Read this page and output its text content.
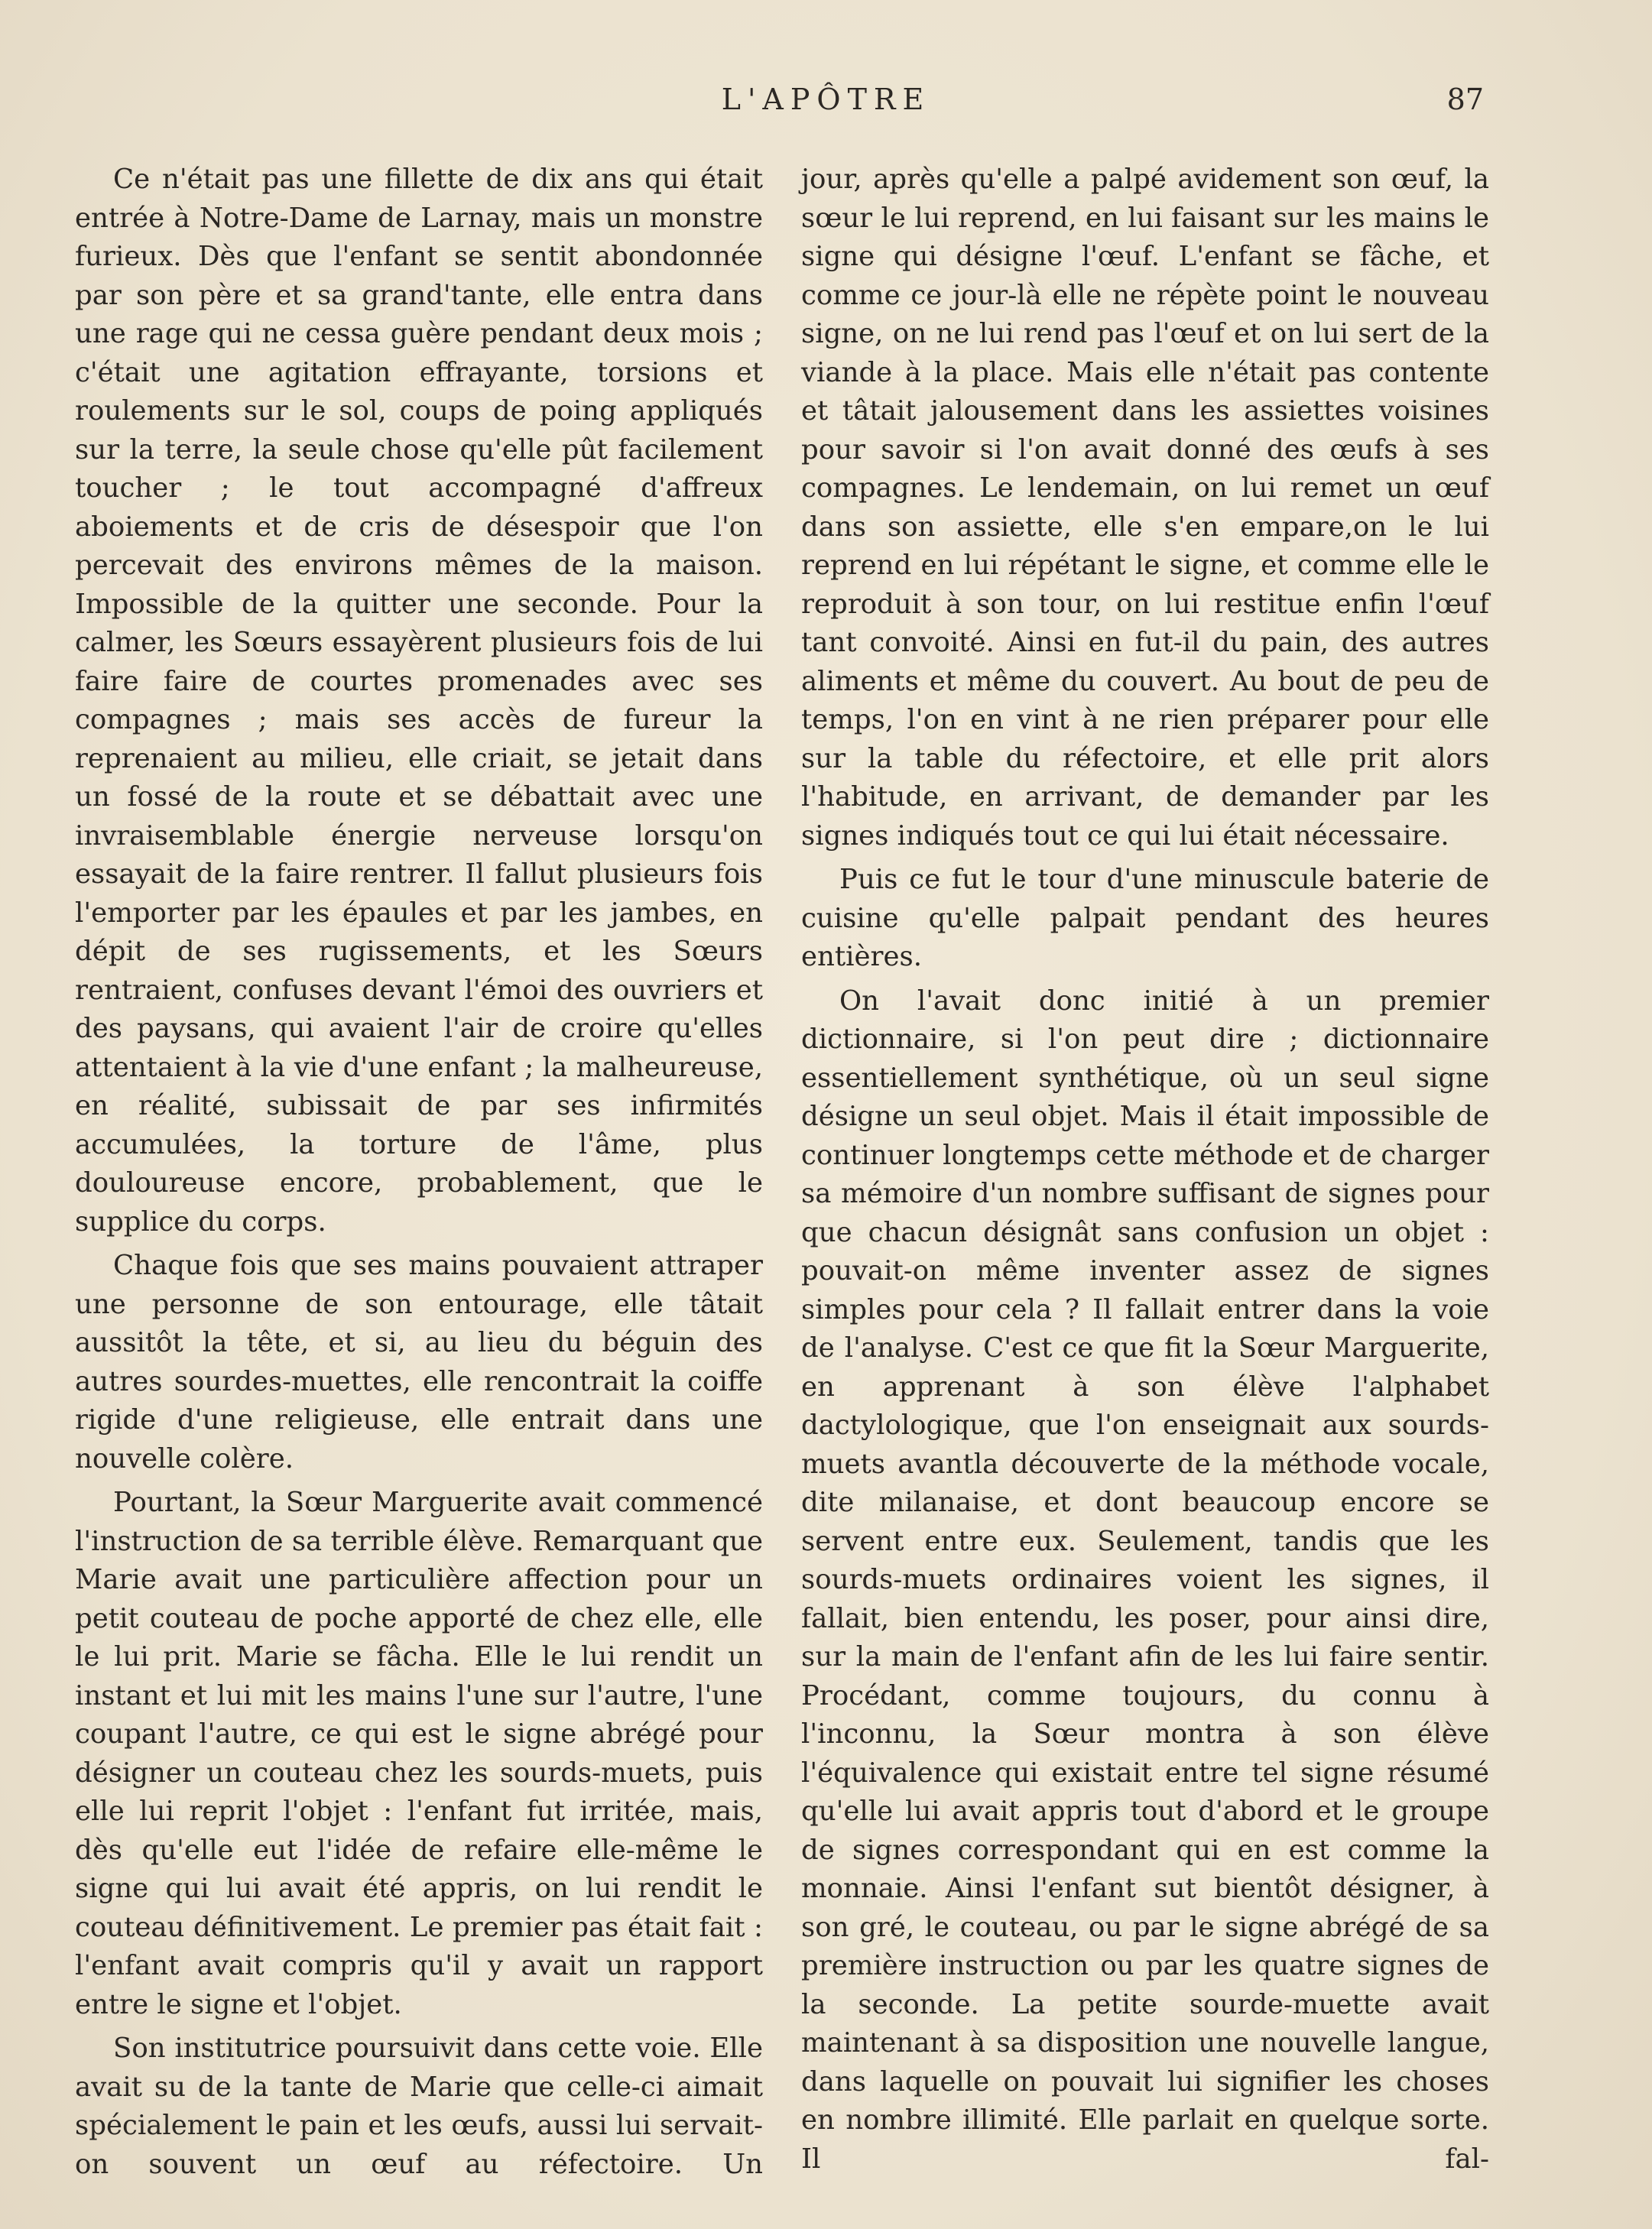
L'APÔTRE	87

Ce n'était pas une fillette de dix ans qui était entrée à Notre-Dame de Larnay, mais un monstre furieux. Dès que l'enfant se sentit abondonnée par son père et sa grand'tante, elle entra dans une rage qui ne cessa guère pendant deux mois ; c'était une agitation effrayante, torsions et roulements sur le sol, coups de poing appliqués sur la terre, la seule chose qu'elle pût facilement toucher ; le tout accompagné d'affreux aboiements et de cris de désespoir que l'on percevait des environs mêmes de la maison. Impossible de la quitter une seconde. Pour la calmer, les Sœurs essayèrent plusieurs fois de lui faire faire de courtes promenades avec ses compagnes ; mais ses accès de fureur la reprenaient au milieu, elle criait, se jetait dans un fossé de la route et se débattait avec une invraisemblable énergie nerveuse lorsqu'on essayait de la faire rentrer. Il fallut plusieurs fois l'emporter par les épaules et par les jambes, en dépit de ses rugissements, et les Sœurs rentraient, confuses devant l'émoi des ouvriers et des paysans, qui avaient l'air de croire qu'elles attentaient à la vie d'une enfant ; la malheureuse, en réalité, subissait de par ses infirmités accumulées, la torture de l'âme, plus douloureuse encore, probablement, que le supplice du corps.

Chaque fois que ses mains pouvaient attraper une personne de son entourage, elle tâtait aussitôt la tête, et si, au lieu du béguin des autres sourdes-muettes, elle rencontrait la coiffe rigide d'une religieuse, elle entrait dans une nouvelle colère.

Pourtant, la Sœur Marguerite avait commencé l'instruction de sa terrible élève. Remarquant que Marie avait une particulière affection pour un petit couteau de poche apporté de chez elle, elle le lui prit. Marie se fâcha. Elle le lui rendit un instant et lui mit les mains l'une sur l'autre, l'une coupant l'autre, ce qui est le signe abrégé pour désigner un couteau chez les sourds-muets, puis elle lui reprit l'objet : l'enfant fut irritée, mais, dès qu'elle eut l'idée de refaire elle-même le signe qui lui avait été appris, on lui rendit le couteau définitivement. Le premier pas était fait : l'enfant avait compris qu'il y avait un rapport entre le signe et l'objet.

Son institutrice poursuivit dans cette voie. Elle avait su de la tante de Marie que celle-ci aimait spécialement le pain et les œufs, aussi lui servait-on souvent un œuf au réfectoire. Un

jour, après qu'elle a palpé avidement son œuf, la sœur le lui reprend, en lui faisant sur les mains le signe qui désigne l'œuf. L'enfant se fâche, et comme ce jour-là elle ne répète point le nouveau signe, on ne lui rend pas l'œuf et on lui sert de la viande à la place. Mais elle n'était pas contente et tâtait jalousement dans les assiettes voisines pour savoir si l'on avait donné des œufs à ses compagnes. Le lendemain, on lui remet un œuf dans son assiette, elle s'en empare,on le lui reprend en lui répétant le signe, et comme elle le reproduit à son tour, on lui restitue enfin l'œuf tant convoité. Ainsi en fut-il du pain, des autres aliments et même du couvert. Au bout de peu de temps, l'on en vint à ne rien préparer pour elle sur la table du réfectoire, et elle prit alors l'habitude, en arrivant, de demander par les signes indiqués tout ce qui lui était nécessaire.

Puis ce fut le tour d'une minuscule baterie de cuisine qu'elle palpait pendant des heures entières.

On l'avait donc initié à un premier dictionnaire, si l'on peut dire ; dictionnaire essentiellement synthétique, où un seul signe désigne un seul objet. Mais il était impossible de continuer longtemps cette méthode et de charger sa mémoire d'un nombre suffisant de signes pour que chacun désignât sans confusion un objet : pouvait-on même inventer assez de signes simples pour cela ? Il fallait entrer dans la voie de l'analyse. C'est ce que fit la Sœur Marguerite, en apprenant à son élève l'alphabet dactylologique, que l'on enseignait aux sourds-muets avantla découverte de la méthode vocale, dite milanaise, et dont beaucoup encore se servent entre eux. Seulement, tandis que les sourds-muets ordinaires voient les signes, il fallait, bien entendu, les poser, pour ainsi dire, sur la main de l'enfant afin de les lui faire sentir. Procédant, comme toujours, du connu à l'inconnu, la Sœur montra à son élève l'équivalence qui existait entre tel signe résumé qu'elle lui avait appris tout d'abord et le groupe de signes correspondant qui en est comme la monnaie. Ainsi l'enfant sut bientôt désigner, à son gré, le couteau, ou par le signe abrégé de sa première instruction ou par les quatre signes de la seconde. La petite sourde-muette avait maintenant à sa disposition une nouvelle langue, dans laquelle on pouvait lui signifier les choses en nombre illimité. Elle parlait en quelque sorte. Il fal-
